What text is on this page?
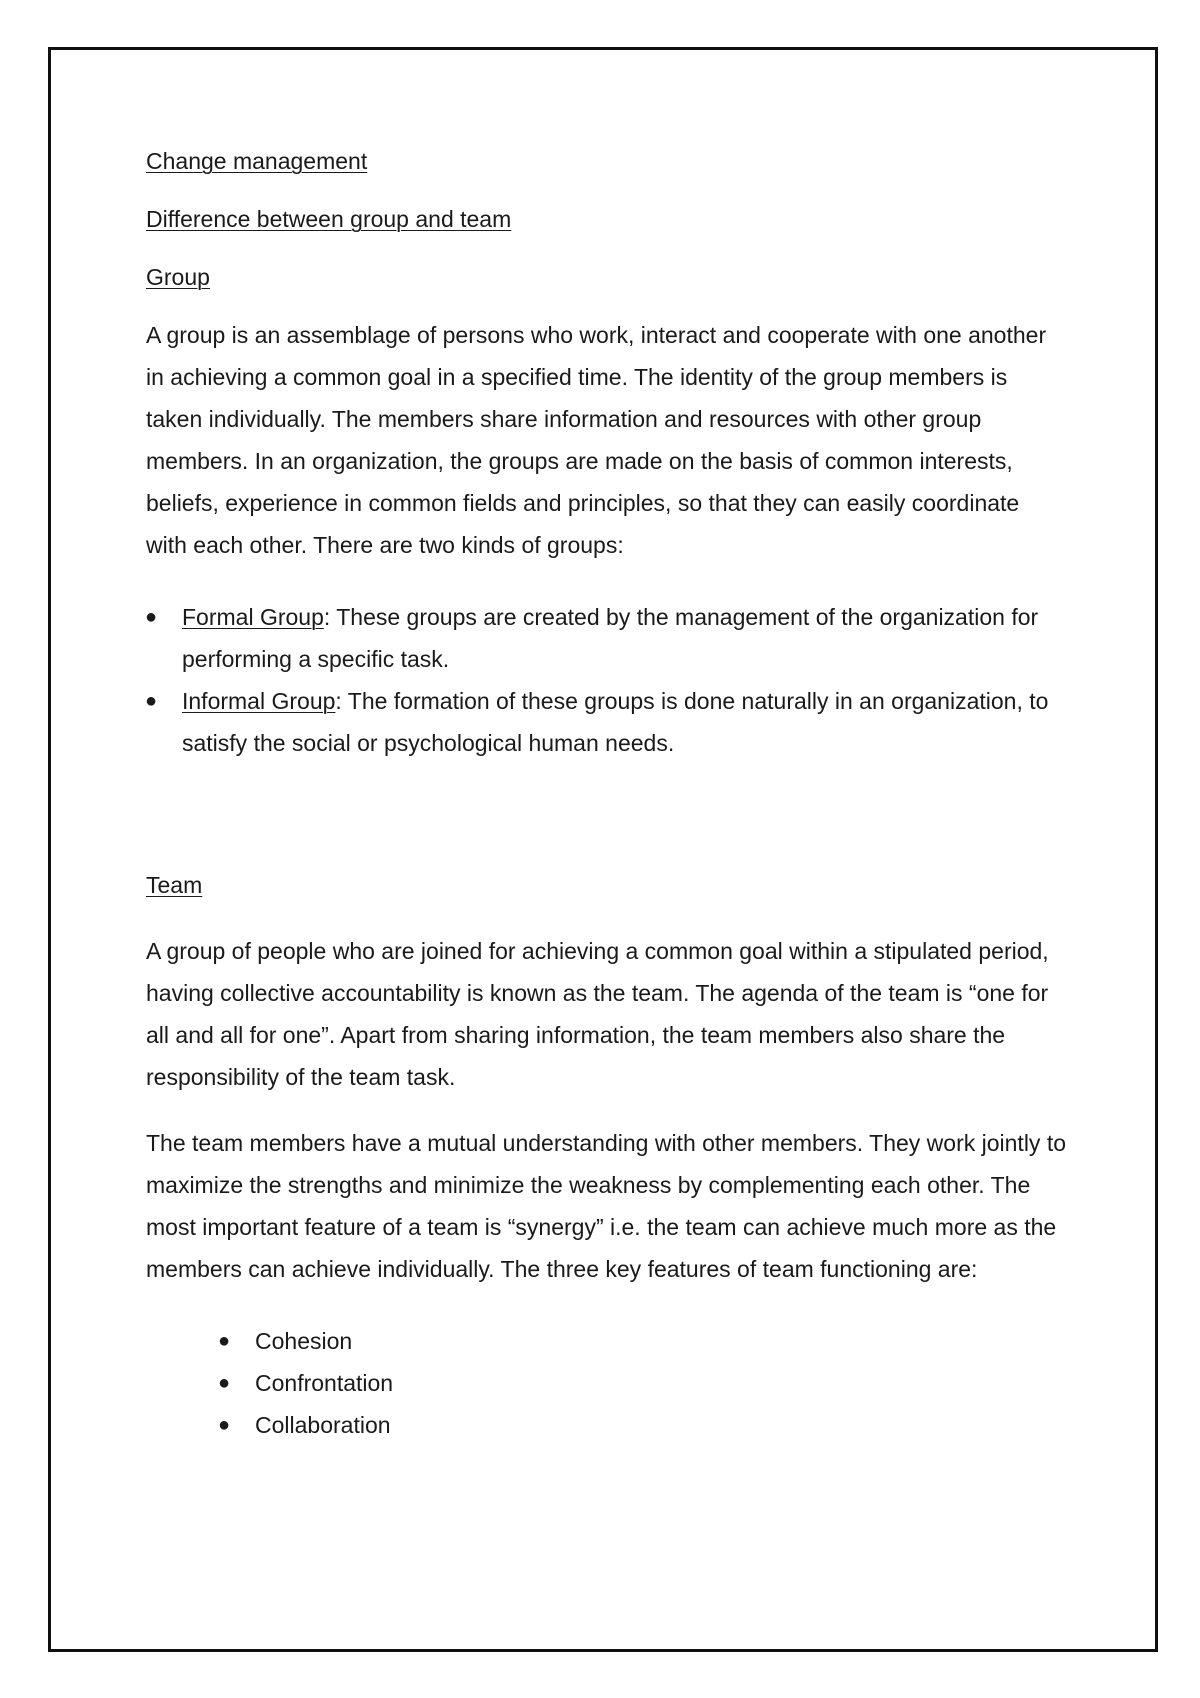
Change management

Difference between group and team

Group

A group is an assemblage of persons who work, interact and cooperate with one another in achieving a common goal in a specified time. The identity of the group members is taken individually. The members share information and resources with other group members. In an organization, the groups are made on the basis of common interests, beliefs, experience in common fields and principles, so that they can easily coordinate with each other. There are two kinds of groups:

● Formal Group: These groups are created by the management of the organization for performing a specific task.
● Informal Group: The formation of these groups is done naturally in an organization, to satisfy the social or psychological human needs.

Team

A group of people who are joined for achieving a common goal within a stipulated period, having collective accountability is known as the team. The agenda of the team is “one for all and all for one”. Apart from sharing information, the team members also share the responsibility of the team task.

The team members have a mutual understanding with other members. They work jointly to maximize the strengths and minimize the weakness by complementing each other. The most important feature of a team is “synergy” i.e. the team can achieve much more as the members can achieve individually. The three key features of team functioning are:

● Cohesion
● Confrontation
● Collaboration
